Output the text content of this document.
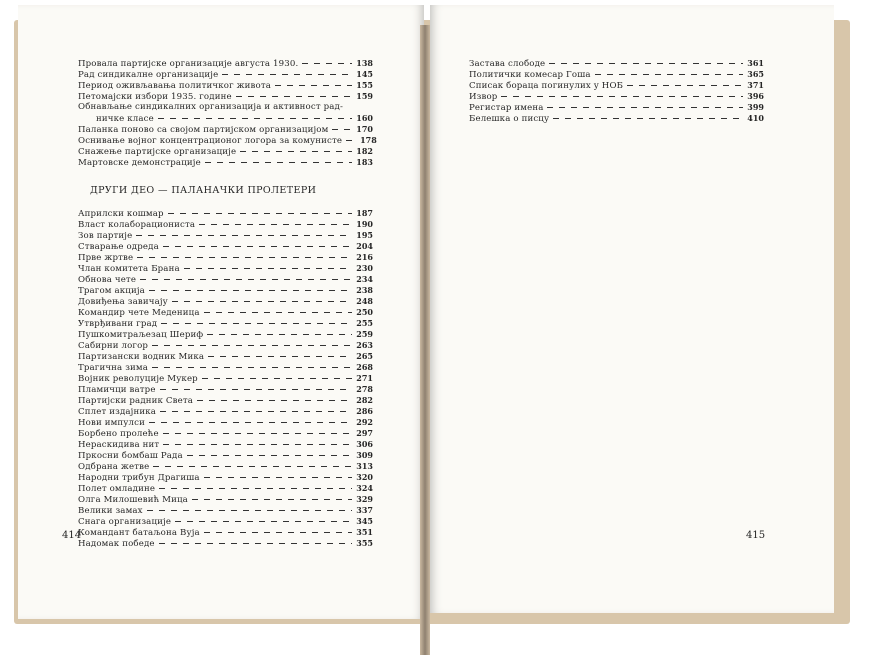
Провала партијске организације августа 1930.	138
Рад синдикалне организације	145
Период оживљавања политичког живота	155
Петомајски избори 1935. године	159
Обнављање синдикалних организација и активност рад-
ничке класе	160
Паланка поново са својом партијском организацијом	170
Оснивање војног концентрационог логора за комунисте 178
Снажење партијске организације	182
Мартовске демонстрације	183
ДРУГИ ДЕО — ПАЛАНАЧКИ ПРОЛЕТЕРИ
Априлски кошмар	187
Власт колаборациониста	190
Зов партије	195
Стварање одреда	204
Прве жртве	216
Члан комитета Брана	230
Обнова чете	234
Трагом акција	238
Довиђења завичају	248
Командир чете Меденица	250
Утврђивани град	255
Пушкомитраљезац Шериф	259
Сабирни логор	263
Партизански водник Мика	265
Трагична зима	268
Војник револуције Мукер	271
Пламичци ватре	278
Партијски радник Света	282
Сплет издајника	286
Нови импулси	292
Борбено пролеће	297
Нераскидива нит	306
Пркосни бомбаш Рада	309
Одбрана жетве	313
Народни трибун Драгиша	320
Полет омладине	324
Олга Милошевић Мица	329
Велики замах	337
Снага организације	345
Командант батаљона Вуја	351
Надомак победе	355
414
Застава слободе	361
Политички комесар Гоша	365
Списак бораца погинулих у НОБ	371
Извор	396
Регистар имена	399
Белешка о писцу	410
415
